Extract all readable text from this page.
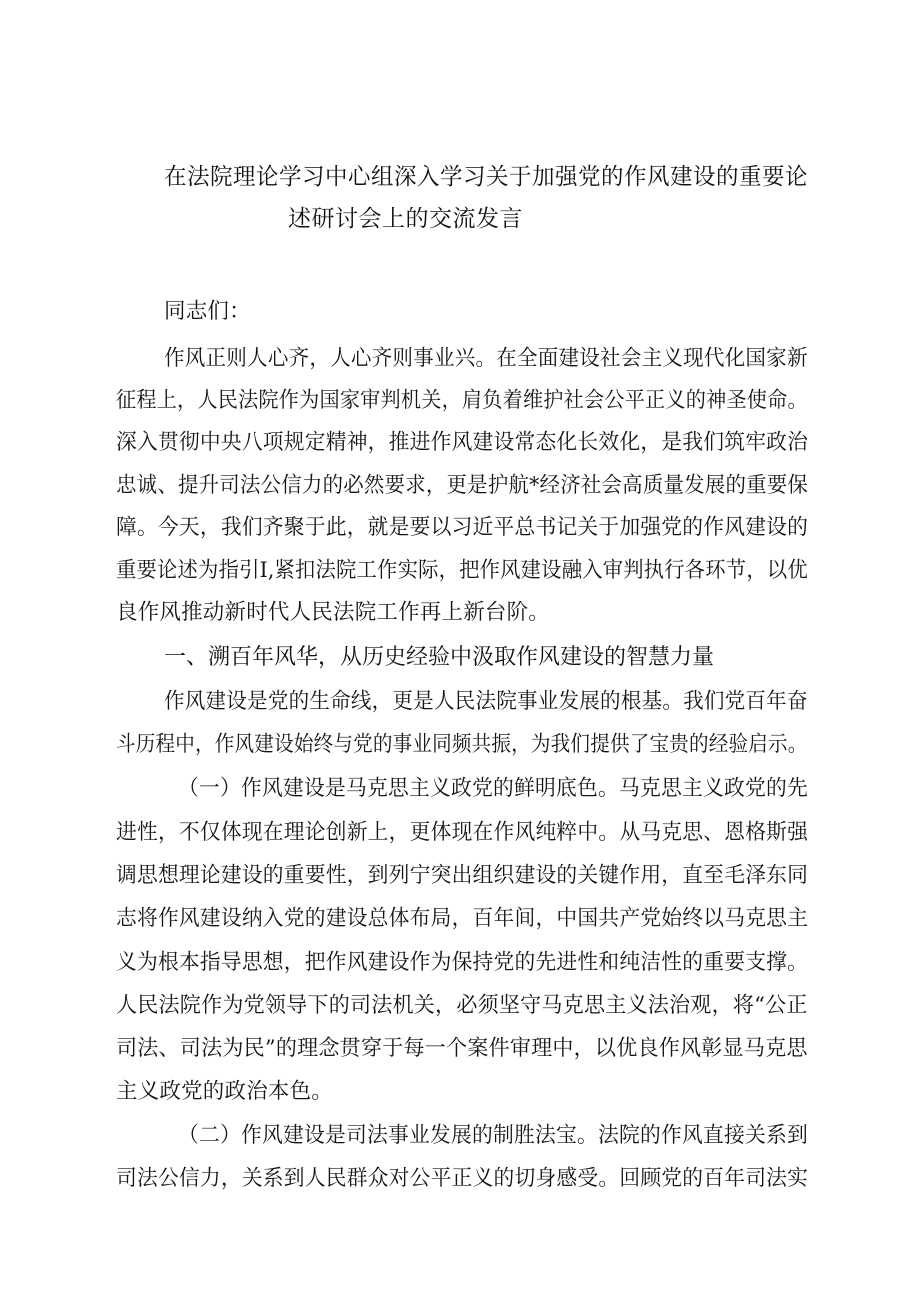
在法院理论学习中心组深入学习关于加强党的作风建设的重要论
述研讨会上的交流发言
同志们：
作风正则人心齐，人心齐则事业兴。在全面建设社会主义现代化国家新
征程上，人民法院作为国家审判机关，肩负着维护社会公平正义的神圣使命。
深入贯彻中央八项规定精神，推进作风建设常态化长效化，是我们筑牢政治
忠诚、提升司法公信力的必然要求，更是护航*经济社会高质量发展的重要保
障。今天，我们齐聚于此，就是要以习近平总书记关于加强党的作风建设的
重要论述为指引I,紧扣法院工作实际，把作风建设融入审判执行各环节，以优
良作风推动新时代人民法院工作再上新台阶。
一、溯百年风华，从历史经验中汲取作风建设的智慧力量
作风建设是党的生命线，更是人民法院事业发展的根基。我们党百年奋
斗历程中，作风建设始终与党的事业同频共振，为我们提供了宝贵的经验启示。
（一）作风建设是马克思主义政党的鲜明底色。马克思主义政党的先
进性，不仅体现在理论创新上，更体现在作风纯粹中。从马克思、恩格斯强
调思想理论建设的重要性，到列宁突出组织建设的关键作用，直至毛泽东同
志将作风建设纳入党的建设总体布局，百年间，中国共产党始终以马克思主
义为根本指导思想，把作风建设作为保持党的先进性和纯洁性的重要支撑。
人民法院作为党领导下的司法机关，必须坚守马克思主义法治观，将“公正
司法、司法为民”的理念贯穿于每一个案件审理中，以优良作风彰显马克思
主义政党的政治本色。
（二）作风建设是司法事业发展的制胜法宝。法院的作风直接关系到
司法公信力，关系到人民群众对公平正义的切身感受。回顾党的百年司法实
